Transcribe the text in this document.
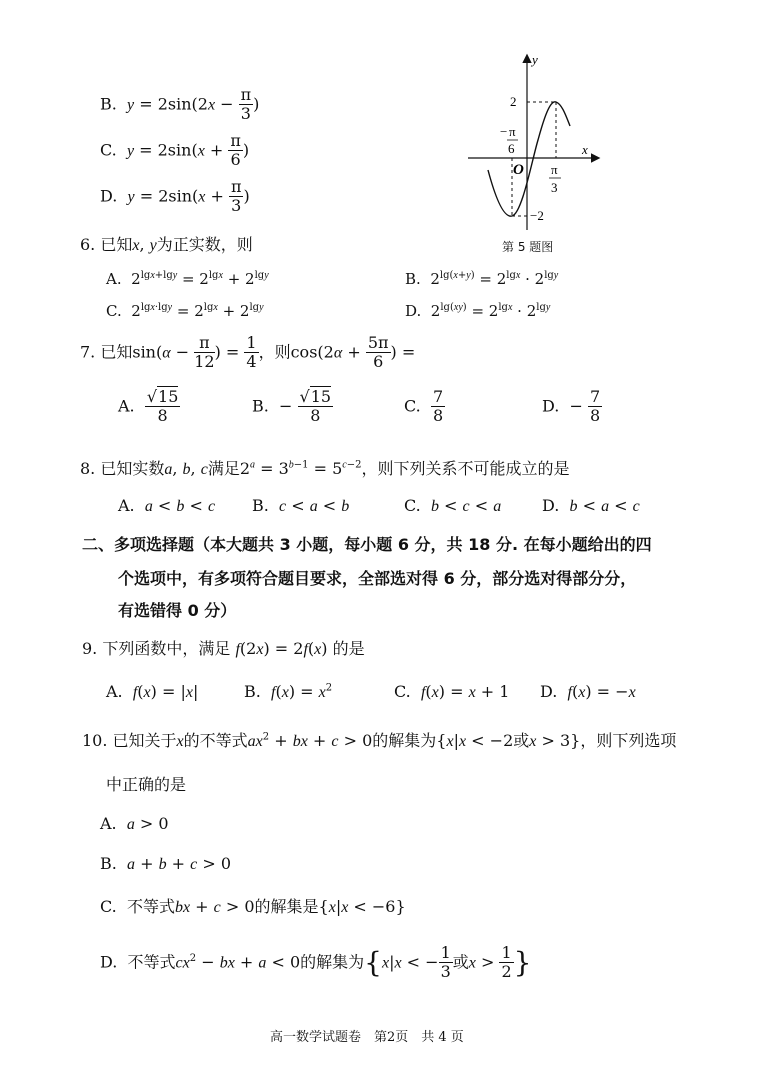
B. $y = 2\sin(2x - \frac{\pi}{3}$ )
C. $y = 2\sin(x + \frac{\pi}{6}$ )
D. $y = 2\sin(x + \frac{\pi}{3}$ )
y
x
O
2
−2
− π
6
π
3
第 5 题图
6. 已知x, y为正实数，则
A.  $2^{lgx+lgy} = 2^{lgx} + 2^{lgy}$	B.  $2^{lg(x+y)} = 2^{lgx} \cdot 2^{lgy}$
C.  $2^{lgx\cdot lgy} = 2^{lgx} + 2^{lgy}$	D.  $2^{lg(xy)} = 2^{lgx} \cdot 2^{lgy}$
7. 已知$\sin(\alpha - \frac{\pi}{12}$ ) = $\frac{1}{4}$ ，则$\cos(2\alpha + \frac{5\pi}{6}$ ) =
A. $\frac{√15}{8}$	B.  − $\frac{√15}{8}$	C. $\frac{7}{8}$	D.  − $\frac{7}{8}$
8. 已知实数a, b, c满足$2^a = 3^{b-1} = 5^{c-2}$，则下列关系不可能成立的是
A. a < b < c B. c < a < b	C. b < c < a	D. b < a < c
二、多项选择题（本大题共 3 小题，每小题 6 分，共 18 分. 在每小题给出的四
个选项中，有多项符合题目要求，全部选对得 6 分，部分选对得部分分，
有选错得 0 分）
9. 下列函数中，满足 f(2x) = 2f(x) 的是
A. f(x) = |x|	B. $f(x) = x^2$	C. f(x) = x + 1 D. f(x) = −x
10. 已知关于x的不等式$ax^2$ + bx + c > 0的解集为{x|x < −2或x > 3}，则下列选项
中正确的是
A. a > 0
B. a + b + c > 0
C.  不等式bx + c > 0的解集是{x|x < −6}
D.  不等式$cx^2$ − bx + a < 0的解集为{x|x < − $\frac{1}{3}$ 或$x > \frac{1}{2}$ }
高一数学试题卷　第2页　共 4 页
